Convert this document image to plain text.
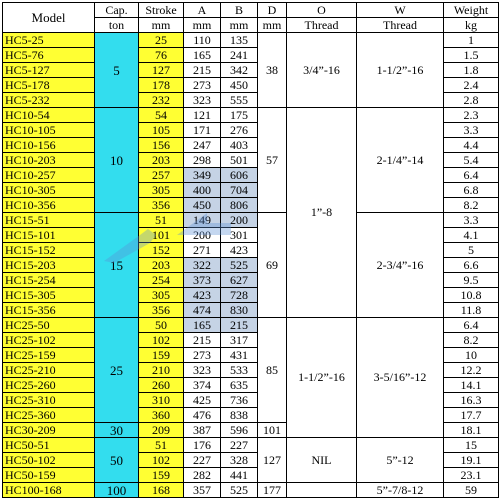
Model	Cap.	Stroke	A	B	D	O	W	Weight
	ton	mm	mm	mm	mm	Thread	Thread	kg
HC5-25	5	25	110	135	38	3/4”-16	1-1/2”-16	1
HC5-76		76	165	241				1.5
HC5-127		127	215	342				1.8
HC5-178		178	273	450				2.4
HC5-232		232	323	555				2.8
HC10-54	10	54	121	175	57	1”-8	2-1/4”-14	2.3
HC10-105		105	171	276				3.3
HC10-156		156	247	403				4.4
HC10-203		203	298	501				5.4
HC10-257		257	349	606				6.4
HC10-305		305	400	704				6.8
HC10-356		356	450	806				8.2
HC15-51	15	51	149	200	69		2-3/4”-16	3.3
HC15-101		101	200	301				4.1
HC15-152		152	271	423				5
HC15-203		203	322	525				6.6
HC15-254		254	373	627				9.5
HC15-305		305	423	728				10.8
HC15-356		356	474	830				11.8
HC25-50	25	50	165	215	85	1-1/2”-16	3-5/16”-12	6.4
HC25-102		102	215	317				8.2
HC25-159		159	273	431				10
HC25-210		210	323	533				12.2
HC25-260		260	374	635				14.1
HC25-310		310	425	736				16.3
HC25-360		360	476	838				17.7
HC30-209	30	209	387	596	101			18.1
HC50-51	50	51	176	227	127	NIL	5”-12	15
HC50-102		102	227	328				19.1
HC50-159		159	282	441				23.1
HC100-168	100	168	357	525	177		5”-7/8-12	59
